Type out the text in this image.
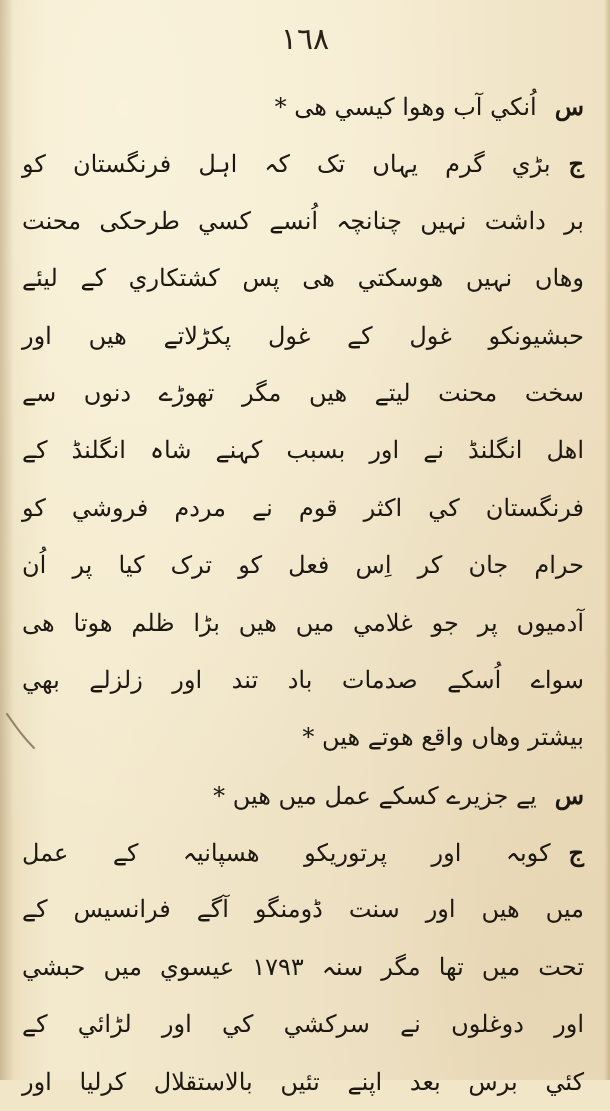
١٦٨
ساُنکي آب وھوا کيسي ھی *
جبڑي گرم یہاں تک کہ اہل فرنگستان کو
بر داشت نہیں چنانچہ اُنسے کسي طرحکی محنت
وھاں نہیں ھوسکتي ھی پس کشتکاري کے لیئے
حبشیونکو غول کے غول پکڑلاتے ھیں اور
سخت محنت لیتے ھیں مگر تھوڑے دنوں سے
اھل انگلنڈ نے اور بسبب کہنے شاہ انگلنڈ کے
فرنگستان کي اکثر قوم نے مردم فروشي کو
حرام جان کر اِس فعل کو ترک کیا پر اُن
آدمیوں پر جو غلامي میں ھیں بڑا ظلم ھوتا ھی
سواے اُسکے صدمات باد تند اور زلزلے بھي
بیشتر وھاں واقع ھوتے ھیں *
سیے جزیرے کسکے عمل میں ھیں *
جکوبہ اور پرتوریکو ھسپانیہ کے عمل
میں ھیں اور سنت ڈومنگو آگے فرانسیس کے
تحت میں تھا مگر سنہ ۱۷۹۳ عیسوي میں حبشي
اور دوغلوں نے سرکشي کي اور لڑائي کے
کئي برس بعد اپنے تئیں بالاستقلال کرلیا اور
